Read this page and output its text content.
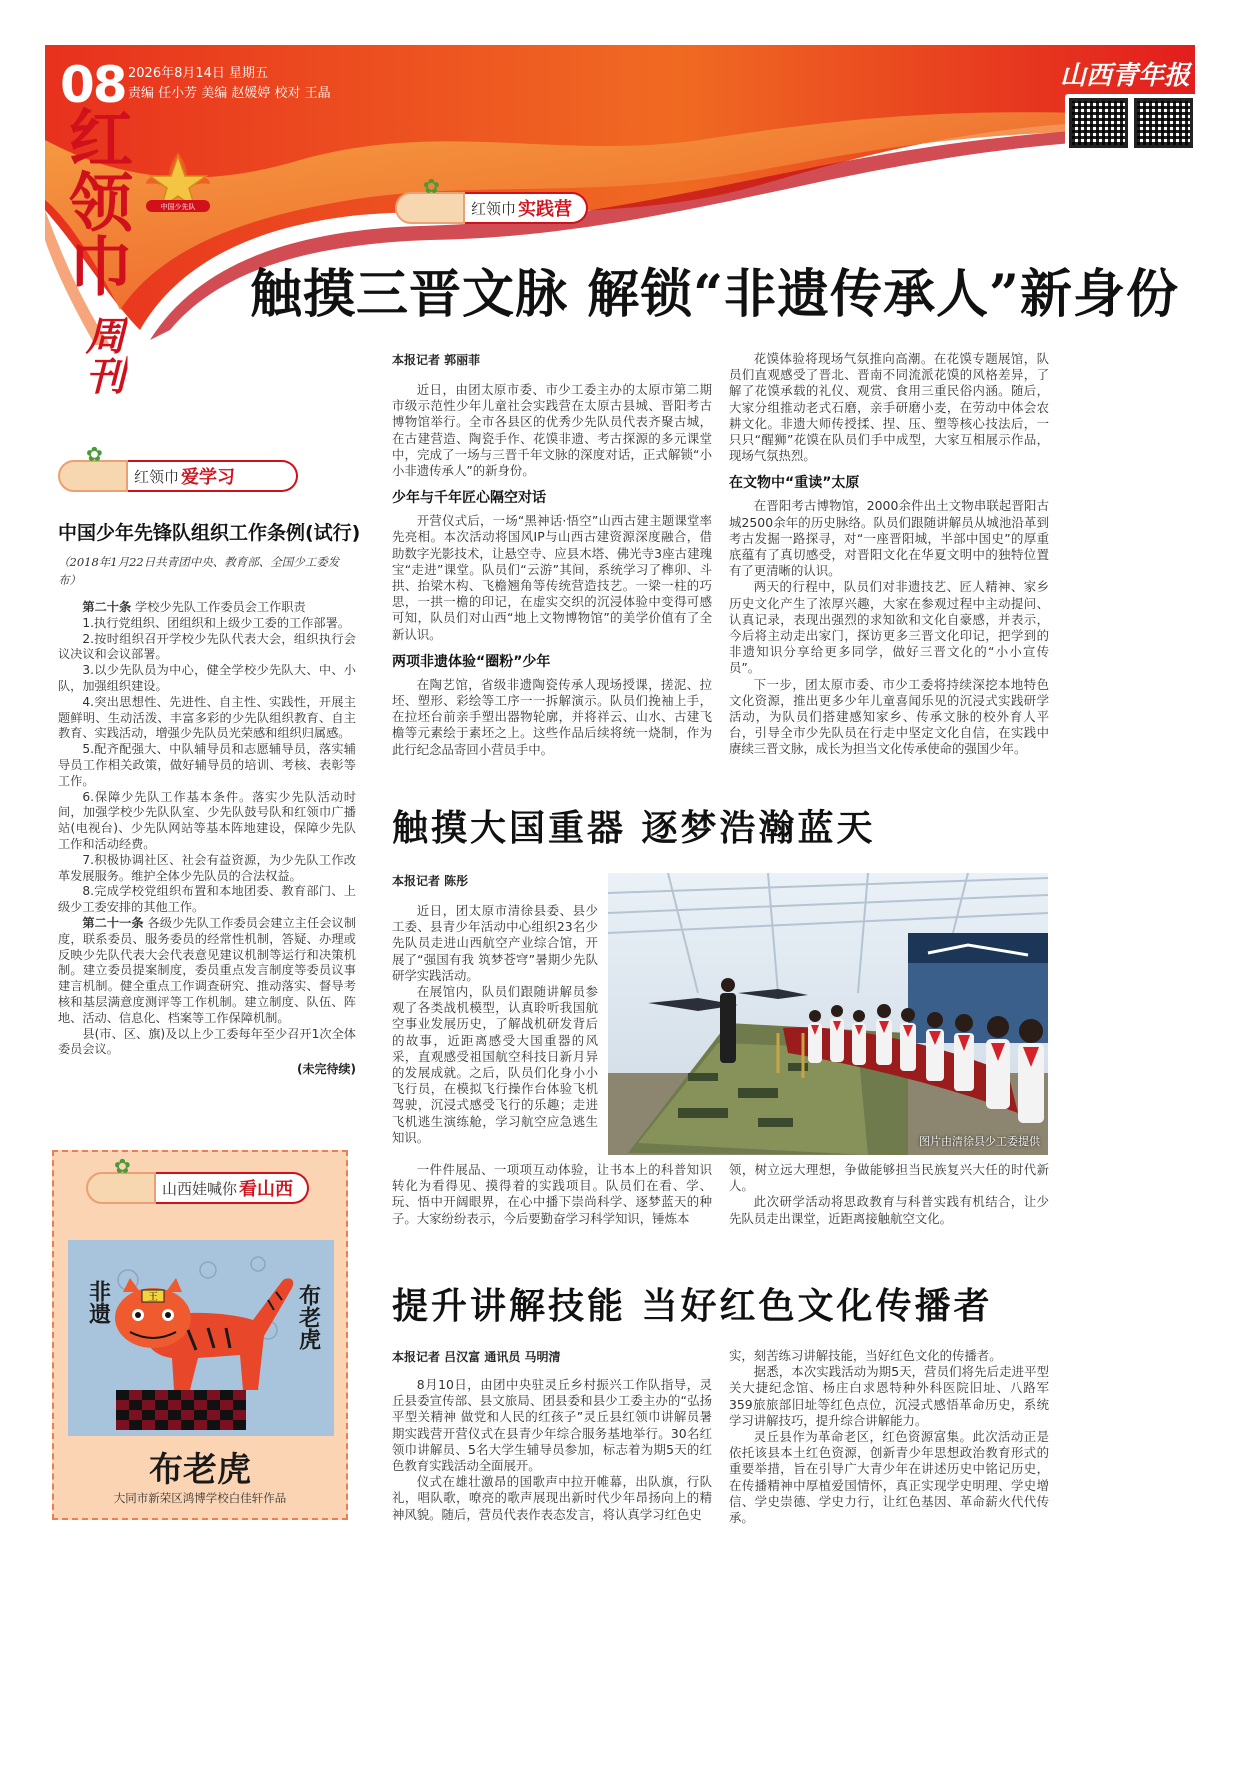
08 2026年8月14日 星期五
责编 任小芳 美编 赵媛婷 校对 王晶
山西青年报
红领巾
周刊
中国少先队
✿	红领巾 实践营
触摸三晋文脉 解锁“非遗传承人”新身份
本报记者 郭丽菲
近日，由团太原市委、市少工委主办的太原市第二期市级示范性少年儿童社会实践营在太原古县城、晋阳考古博物馆举行。全市各县区的优秀少先队员代表齐聚古城，在古建营造、陶瓷手作、花馍非遗、考古探源的多元课堂中，完成了一场与三晋千年文脉的深度对话，正式解锁“小小非遗传承人”的新身份。
少年与千年匠心隔空对话
开营仪式后，一场“黑神话·悟空”山西古建主题课堂率先亮相。本次活动将国风IP与山西古建资源深度融合，借助数字光影技术，让悬空寺、应县木塔、佛光寺3座古建瑰宝“走进”课堂。队员们“云游”其间，系统学习了榫卯、斗拱、抬梁木构、飞檐翘角等传统营造技艺。一梁一柱的巧思，一拱一檐的印记，在虚实交织的沉浸体验中变得可感可知，队员们对山西“地上文物博物馆”的美学价值有了全新认识。
两项非遗体验“圈粉”少年
在陶艺馆，省级非遗陶瓷传承人现场授课，搓泥、拉坯、塑形、彩绘等工序一一拆解演示。队员们挽袖上手，在拉坯台前亲手塑出器物轮廓，并将祥云、山水、古建飞檐等元素绘于素坯之上。这些作品后续将统一烧制，作为此行纪念品寄回小营员手中。
花馍体验将现场气氛推向高潮。在花馍专题展馆，队员们直观感受了晋北、晋南不同流派花馍的风格差异，了解了花馍承载的礼仪、观赏、食用三重民俗内涵。随后，大家分组推动老式石磨，亲手研磨小麦，在劳动中体会农耕文化。非遗大师传授揉、捏、压、塑等核心技法后，一只只“醒狮”花馍在队员们手中成型，大家互相展示作品，现场气氛热烈。
在文物中“重读”太原
在晋阳考古博物馆，2000余件出土文物串联起晋阳古城2500余年的历史脉络。队员们跟随讲解员从城池沿革到考古发掘一路探寻，对“一座晋阳城，半部中国史”的厚重底蕴有了真切感受，对晋阳文化在华夏文明中的独特位置有了更清晰的认识。
两天的行程中，队员们对非遗技艺、匠人精神、家乡历史文化产生了浓厚兴趣，大家在参观过程中主动提问、认真记录，表现出强烈的求知欲和文化自豪感，并表示，今后将主动走出家门，探访更多三晋文化印记，把学到的非遗知识分享给更多同学，做好三晋文化的“小小宣传员”。
下一步，团太原市委、市少工委将持续深挖本地特色文化资源，推出更多少年儿童喜闻乐见的沉浸式实践研学活动，为队员们搭建感知家乡、传承文脉的校外育人平台，引导全市少先队员在行走中坚定文化自信，在实践中赓续三晋文脉，成长为担当文化传承使命的强国少年。
✿
红领巾 爱学习
中国少年先锋队组织工作条例(试行)
（2018年1月22日共青团中央、教育部、全国少工委发布）
第二十条 学校少先队工作委员会工作职责
1.执行党组织、团组织和上级少工委的工作部署。
2.按时组织召开学校少先队代表大会，组织执行会议决议和会议部署。
3.以少先队员为中心，健全学校少先队大、中、小队，加强组织建设。
4.突出思想性、先进性、自主性、实践性，开展主题鲜明、生动活泼、丰富多彩的少先队组织教育、自主教育、实践活动，增强少先队员光荣感和组织归属感。
5.配齐配强大、中队辅导员和志愿辅导员，落实辅导员工作相关政策，做好辅导员的培训、考核、表彰等工作。
6.保障少先队工作基本条件。落实少先队活动时间，加强学校少先队队室、少先队鼓号队和红领巾广播站(电视台)、少先队网站等基本阵地建设，保障少先队工作和活动经费。
7.积极协调社区、社会有益资源，为少先队工作改革发展服务。维护全体少先队员的合法权益。
8.完成学校党组织布置和本地团委、教育部门、上级少工委安排的其他工作。
第二十一条 各级少先队工作委员会建立主任会议制度，联系委员、服务委员的经常性机制，答疑、办理或反映少先队代表大会代表意见建议机制等运行和决策机制。建立委员提案制度，委员重点发言制度等委员议事建言机制。健全重点工作调查研究、推动落实、督导考核和基层满意度测评等工作机制。建立制度、队伍、阵地、活动、信息化、档案等工作保障机制。
县(市、区、旗)及以上少工委每年至少召开1次全体委员会议。
(未完待续)
✿
山西娃喊你 看山西
王
非遗	布老虎
布老虎
大同市新荣区鸿博学校白佳轩作品
触摸大国重器 逐梦浩瀚蓝天
本报记者 陈彤
近日，团太原市清徐县委、县少工委、县青少年活动中心组织23名少先队员走进山西航空产业综合馆，开展了“强国有我 筑梦苍穹”暑期少先队研学实践活动。
在展馆内，队员们跟随讲解员参观了各类战机模型，认真聆听我国航空事业发展历史，了解战机研发背后的故事，近距离感受大国重器的风采，直观感受祖国航空科技日新月异的发展成就。之后，队员们化身小小飞行员，在模拟飞行操作台体验飞机驾驶，沉浸式感受飞行的乐趣；走进飞机逃生演练舱，学习航空应急逃生知识。	图片由清徐县少工委提供
一件件展品、一项项互动体验，让书本上的科普知识转化为看得见、摸得着的实践项目。队员们在看、学、玩、悟中开阔眼界，在心中播下崇尚科学、逐梦蓝天的种子。大家纷纷表示，今后要勤奋学习科学知识，锤炼本
领，树立远大理想，争做能够担当民族复兴大任的时代新人。
此次研学活动将思政教育与科普实践有机结合，让少先队员走出课堂，近距离接触航空文化。
提升讲解技能 当好红色文化传播者
本报记者 吕汉富 通讯员 马明清
8月10日，由团中央驻灵丘乡村振兴工作队指导，灵丘县委宣传部、县文旅局、团县委和县少工委主办的“弘扬平型关精神 做党和人民的红孩子”灵丘县红领巾讲解员暑期实践营开营仪式在县青少年综合服务基地举行。30名红领巾讲解员、5名大学生辅导员参加，标志着为期5天的红色教育实践活动全面展开。
仪式在雄壮激昂的国歌声中拉开帷幕，出队旗，行队礼，唱队歌，嘹亮的歌声展现出新时代少年昂扬向上的精神风貌。随后，营员代表作表态发言，将认真学习红色史
实，刻苦练习讲解技能，当好红色文化的传播者。
据悉，本次实践活动为期5天，营员们将先后走进平型关大捷纪念馆、杨庄白求恩特种外科医院旧址、八路军359旅旅部旧址等红色点位，沉浸式感悟革命历史，系统学习讲解技巧，提升综合讲解能力。
灵丘县作为革命老区，红色资源富集。此次活动正是依托该县本土红色资源，创新青少年思想政治教育形式的重要举措，旨在引导广大青少年在讲述历史中铭记历史，在传播精神中厚植爱国情怀，真正实现学史明理、学史增信、学史崇德、学史力行，让红色基因、革命薪火代代传承。
